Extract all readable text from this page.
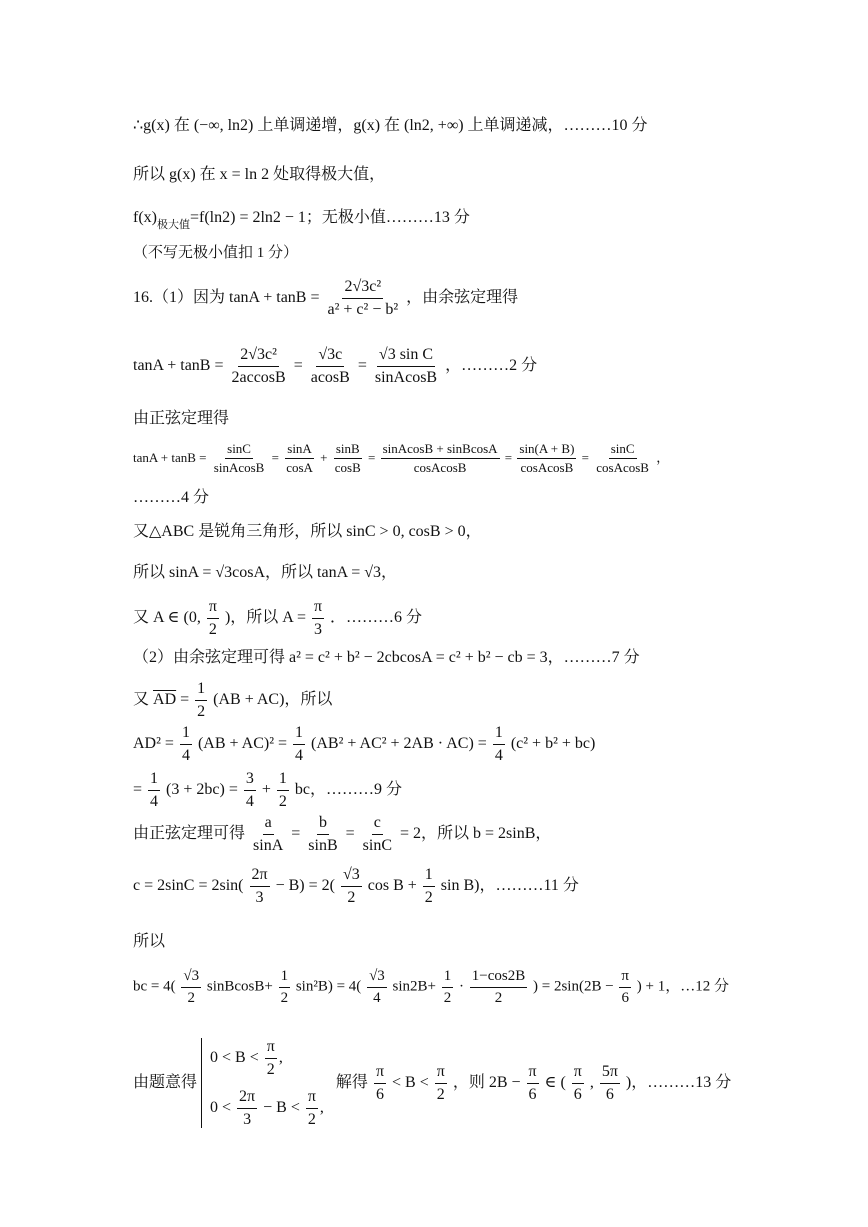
∴g(x) 在 (−∞, ln2) 上单调递增，g(x) 在 (ln2, +∞) 上单调递减，………10 分
所以 g(x) 在 x = ln 2 处取得极大值，
$f(x)_{极大值}=f(\ln 2) = 2\ln 2 - 1$；无极小值………13 分
（不写无极小值扣 1 分）
16.（1）因为 $\tan A + \tan B = \frac{\text{2√3c²}}{\text{a² + c² − b²}}$ ，由余弦定理得
$\tan A + \tan B = \frac{\text{2√3c²}}{2accosB} = \frac{√3c}{acosB} = \frac{\text{√3 sin C}}{\text{sinAcosB}}$ ，………2 分
由正弦定理得
$\tan A + \tan B = \frac{\sin C}{\text{sinAcosB}} = \frac{\sin A}{\cos A} + \frac{\sin B}{\cos B} = \frac{\text{sinAcosB + sinBcosA}}{\text{cosAcosB}} = \frac{\sin(A + B)}{\text{cosAcosB}} = \frac{\sin C}{\text{cosAcosB}}$ ，
………4 分
又△ABC 是锐角三角形，所以 sinC > 0, cosB > 0，
所以 sinA = √3cosA，所以 tanA = √3，
又 A ∈ (0, $\frac{\pi}{2}$ )，所以 $A = \frac{\pi}{3}$ ．………6 分
（2）由余弦定理可得 a² = c² + b² − 2cbcosA = c² + b² − cb = 3，………7 分
又 $\overline{AD} = \frac{1}{2} (AB + AC)$，所以
$AD^2 = \frac{1}{4} (AB + AC)^2 = \frac{1}{4} (AB^2 + AC^2 + 2AB \cdot AC) = \frac{1}{4} (c^2 + b^2 + bc)$
= $\frac{1}{4} (3 + 2bc) = \frac{3}{4} + \frac{1}{2}$ bc，………9 分
由正弦定理可得 $\frac{a}{\sin A} = \frac{b}{\sin B} = \frac{c}{\sin C} = 2$，所以 b = 2sinB，
$c = 2\sin C = 2\sin( \frac{2\pi}{3} - B) = 2( \frac{√3}{2}$ $\cos B + \frac{1}{2}$ sin B)，………11 分
所以
bc = $4( \frac{√3}{2}$ sinBcosB+ $\frac{1}{2} \sin^2B) = 4( \frac{√3}{4} \sin 2B+ \frac{1}{2} \cdot \frac{1-\cos 2B}{2}$ ) = $2\sin(2B - \frac{\pi}{6}$ ) + 1，…12 分
由题意得
$0 < B < \frac{\pi}{2}$ ,
$0 < \frac{2\pi}{3} - B < \frac{\pi}{2}$ ,
解得 $\frac{\pi}{6} < B < \frac{\pi}{2}$ ，则 $2B - \frac{\pi}{6}$ ∈ ( $\frac{\pi}{6}$ , $\frac{5\pi}{6}$ )，………13 分
